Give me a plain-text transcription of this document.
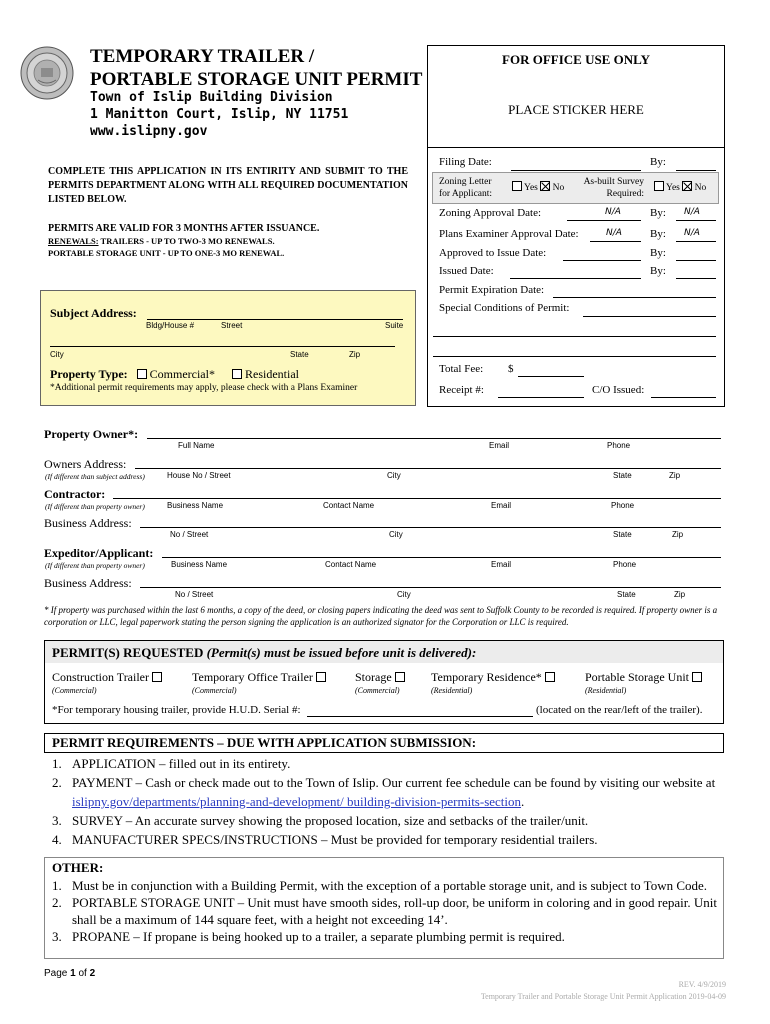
TEMPORARY TRAILER /
PORTABLE STORAGE UNIT PERMIT
Town of Islip Building Division
1 Manitton Court, Islip, NY 11751
www.islipny.gov
COMPLETE THIS APPLICATION IN ITS ENTIRITY AND SUBMIT TO THE PERMITS DEPARTMENT ALONG WITH ALL REQUIRED DOCUMENTATION LISTED BELOW.
PERMITS ARE VALID FOR 3 MONTHS AFTER ISSUANCE.
RENEWALS: TRAILERS - UP TO TWO-3 MO RENEWALS.
PORTABLE STORAGE UNIT - UP TO ONE-3 MO RENEWAL.
FOR OFFICE USE ONLY
PLACE STICKER HERE
Filing Date:	By:
Zoning Letter for Applicant:
Yes No
As-built Survey Required:
Yes No
Zoning Approval Date:	N/A	By: N/A
Plans Examiner Approval Date:	N/A	By: N/A
Approved to Issue Date:	By:
Issued Date:	By:
Permit Expiration Date:
Special Conditions of Permit:
Total Fee: $
Receipt #:	C/O Issued:
Subject Address:
Bldg/House #	Street	Suite
City	State	Zip
Property Type: Commercial*	Residential
*Additional permit requirements may apply, please check with a Plans Examiner
Property Owner*:
Full Name	Email	Phone
Owners Address:
(If different than subject address)	House No / Street	City	State	Zip
Contractor:
(If different than property owner)	Business Name	Contact Name	Email	Phone
Business Address:
No / Street	City	State	Zip
Expeditor/Applicant:
(If different than property owner)	Business Name	Contact Name	Email	Phone
Business Address:
No / Street	City	State	Zip
* If property was purchased within the last 6 months, a copy of the deed, or closing papers indicating the deed was sent to Suffolk County to be recorded is required. If property owner is a corporation or LLC, legal paperwork stating the person signing the application is an authorized signator for the Corporation or LLC is required.
PERMIT(S) REQUESTED (Permit(s) must be issued before unit is delivered):
Construction Trailer
(Commercial)
Temporary Office Trailer
(Commercial)
Storage
(Commercial)
Temporary Residence*
(Residential)
Portable Storage Unit
(Residential)
*For temporary housing trailer, provide H.U.D. Serial #:	(located on the rear/left of the trailer).
PERMIT REQUIREMENTS – DUE WITH APPLICATION SUBMISSION:
1. APPLICATION – filled out in its entirety.
2. PAYMENT – Cash or check made out to the Town of Islip. Our current fee schedule can be found by visiting our website at islipny.gov/departments/planning-and-development/ building-division-permits-section.
3. SURVEY – An accurate survey showing the proposed location, size and setbacks of the trailer/unit.
4. MANUFACTURER SPECS/INSTRUCTIONS – Must be provided for temporary residential trailers.
OTHER:
1. Must be in conjunction with a Building Permit, with the exception of a portable storage unit, and is subject to Town Code.
2. PORTABLE STORAGE UNIT – Unit must have smooth sides, roll-up door, be uniform in coloring and in good repair. Unit shall be a maximum of 144 square feet, with a height not exceeding 14’.
3. PROPANE – If propane is being hooked up to a trailer, a separate plumbing permit is required.
Page 1 of 2
REV. 4/9/2019
Temporary Trailer and Portable Storage Unit Permit Application 2019-04-09
